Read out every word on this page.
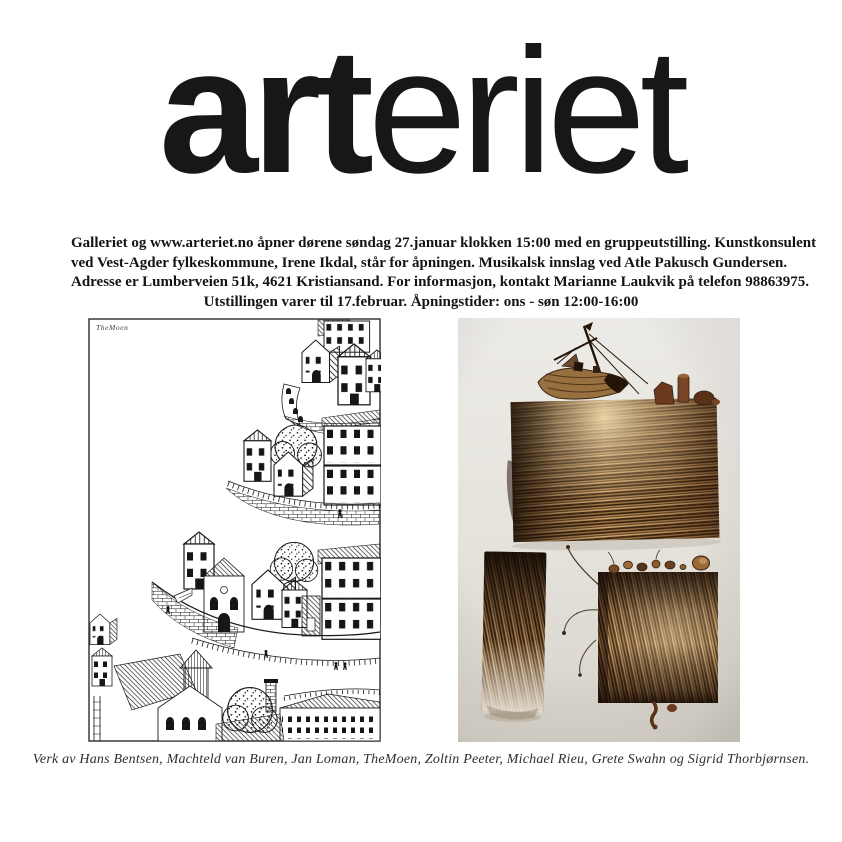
arteriet
Galleriet og www.arteriet.no åpner dørene søndag 27.januar klokken 15:00 med en gruppeutstilling. Kunstkonsulent
ved Vest-Agder fylkeskommune, Irene Ikdal, står for åpningen. Musikalsk innslag ved Atle Pakusch Gundersen.
Adresse er Lumberveien 51k, 4621 Kristiansand. For informasjon, kontakt Marianne Laukvik på telefon 98863975.
Utstillingen varer til 17.februar. Åpningstider: ons - søn 12:00-16:00
TheMoen
Verk av Hans Bentsen, Machteld van Buren, Jan Loman, TheMoen, Zoltin Peeter, Michael Rieu, Grete Swahn og Sigrid Thorbjørnsen.
